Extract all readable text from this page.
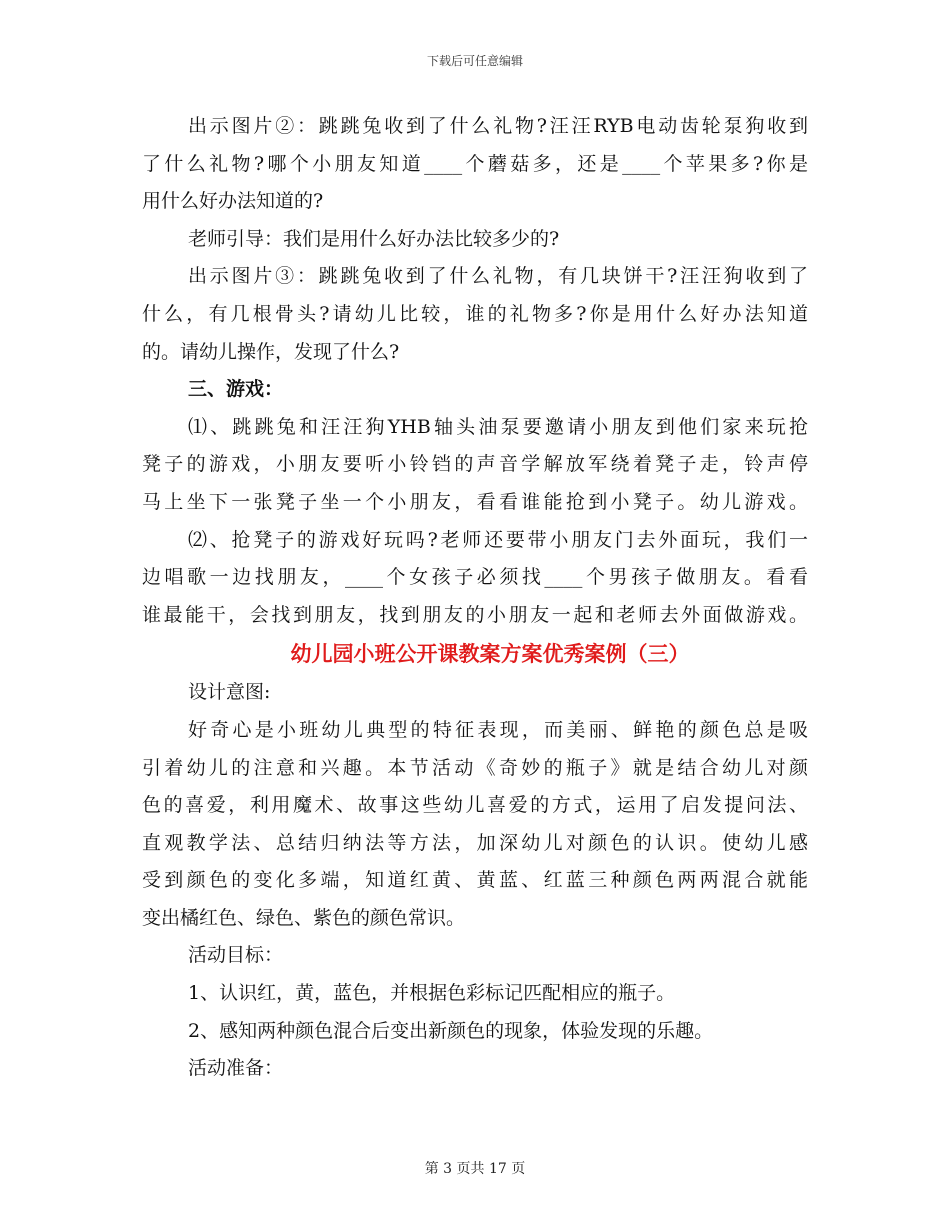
下载后可任意编辑
出示图片②：跳跳兔收到了什么礼物?汪汪RYB电动齿轮泵狗收到
了什么礼物?哪个小朋友知道____个蘑菇多，还是____个苹果多?你是
用什么好办法知道的?
老师引导：我们是用什么好办法比较多少的?
出示图片③：跳跳兔收到了什么礼物，有几块饼干?汪汪狗收到了
什么，有几根骨头?请幼儿比较，谁的礼物多?你是用什么好办法知道
的。请幼儿操作，发现了什么?
三、游戏：
⑴、跳跳兔和汪汪狗YHB轴头油泵要邀请小朋友到他们家来玩抢
凳子的游戏，小朋友要听小铃铛的声音学解放军绕着凳子走，铃声停
马上坐下一张凳子坐一个小朋友，看看谁能抢到小凳子。幼儿游戏。
⑵、抢凳子的游戏好玩吗?老师还要带小朋友门去外面玩，我们一
边唱歌一边找朋友，____个女孩子必须找____个男孩子做朋友。看看
谁最能干，会找到朋友，找到朋友的小朋友一起和老师去外面做游戏。
幼儿园小班公开课教案方案优秀案例（三）
设计意图:
好奇心是小班幼儿典型的特征表现，而美丽、鲜艳的颜色总是吸
引着幼儿的注意和兴趣。本节活动《奇妙的瓶子》就是结合幼儿对颜
色的喜爱，利用魔术、故事这些幼儿喜爱的方式，运用了启发提问法、
直观教学法、总结归纳法等方法，加深幼儿对颜色的认识。使幼儿感
受到颜色的变化多端，知道红黄、黄蓝、红蓝三种颜色两两混合就能
变出橘红色、绿色、紫色的颜色常识。
活动目标：
1、认识红，黄，蓝色，并根据色彩标记匹配相应的瓶子。
2、感知两种颜色混合后变出新颜色的现象，体验发现的乐趣。
活动准备：
第 3 页共 17 页
